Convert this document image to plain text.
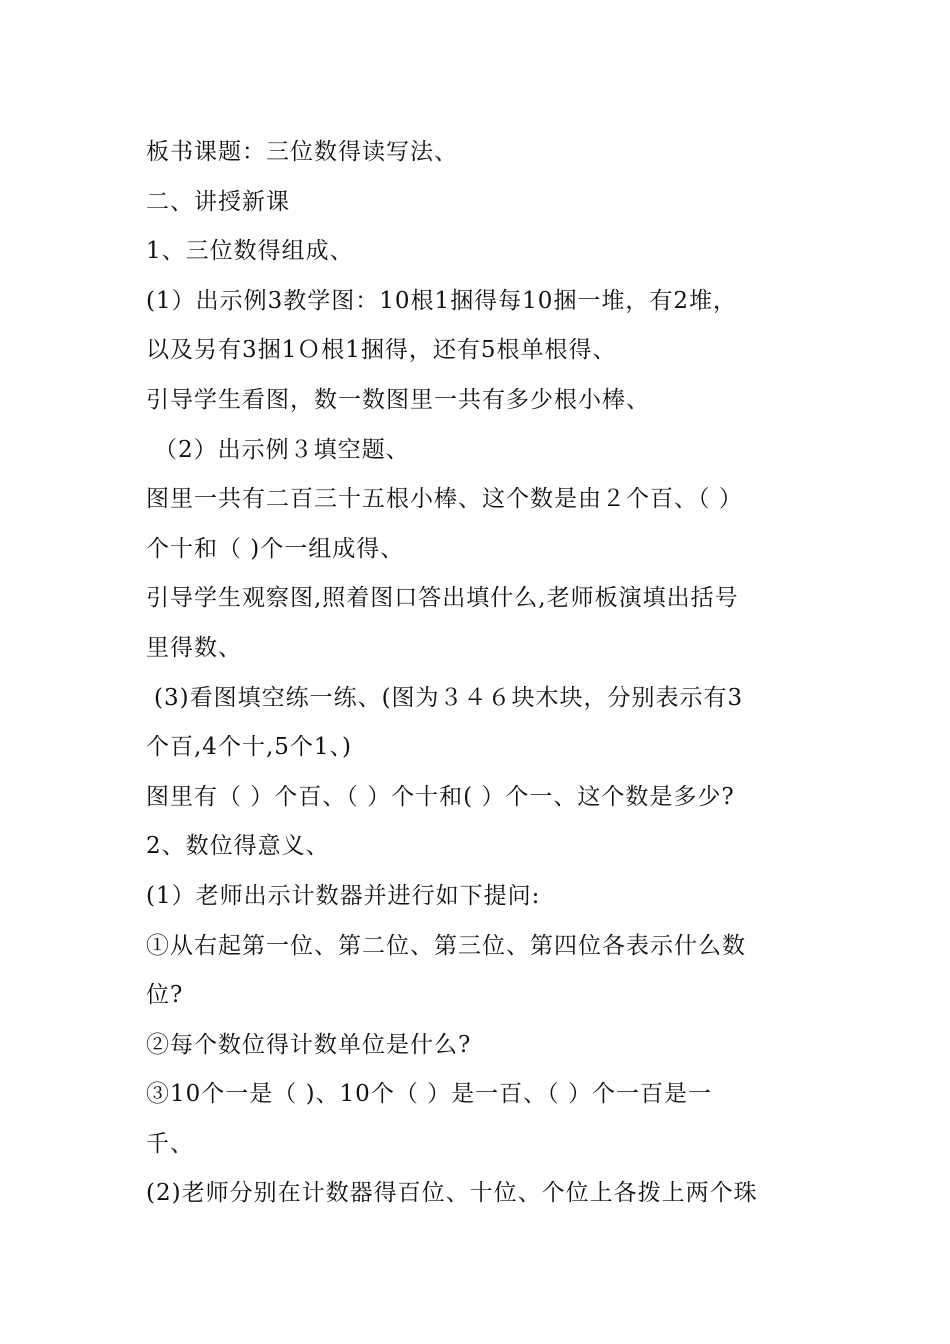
板书课题：三位数得读写法、
二、讲授新课
1、三位数得组成、
(1）出示例3教学图：10根1捆得每10捆一堆，有2堆，
以及另有3捆1Ｏ根1捆得，还有5根单根得、
引导学生看图，数一数图里一共有多少根小棒、
（2）出示例３填空题、
图里一共有二百三十五根小棒、这个数是由２个百、（ ）
个十和（ )个一组成得、
引导学生观察图,照着图口答出填什么,老师板演填出括号
里得数、
(3)看图填空练一练、(图为３４６块木块，分别表示有3
个百,4个十,5个1、)
图里有（ ）个百、（ ）个十和( ）个一、这个数是多少?
2、数位得意义、
(1）老师出示计数器并进行如下提问:
①从右起第一位、第二位、第三位、第四位各表示什么数
位?
②每个数位得计数单位是什么?
③10个一是（ )、10个（ ）是一百、（ ）个一百是一
千、
(2)老师分别在计数器得百位、十位、个位上各拨上两个珠
